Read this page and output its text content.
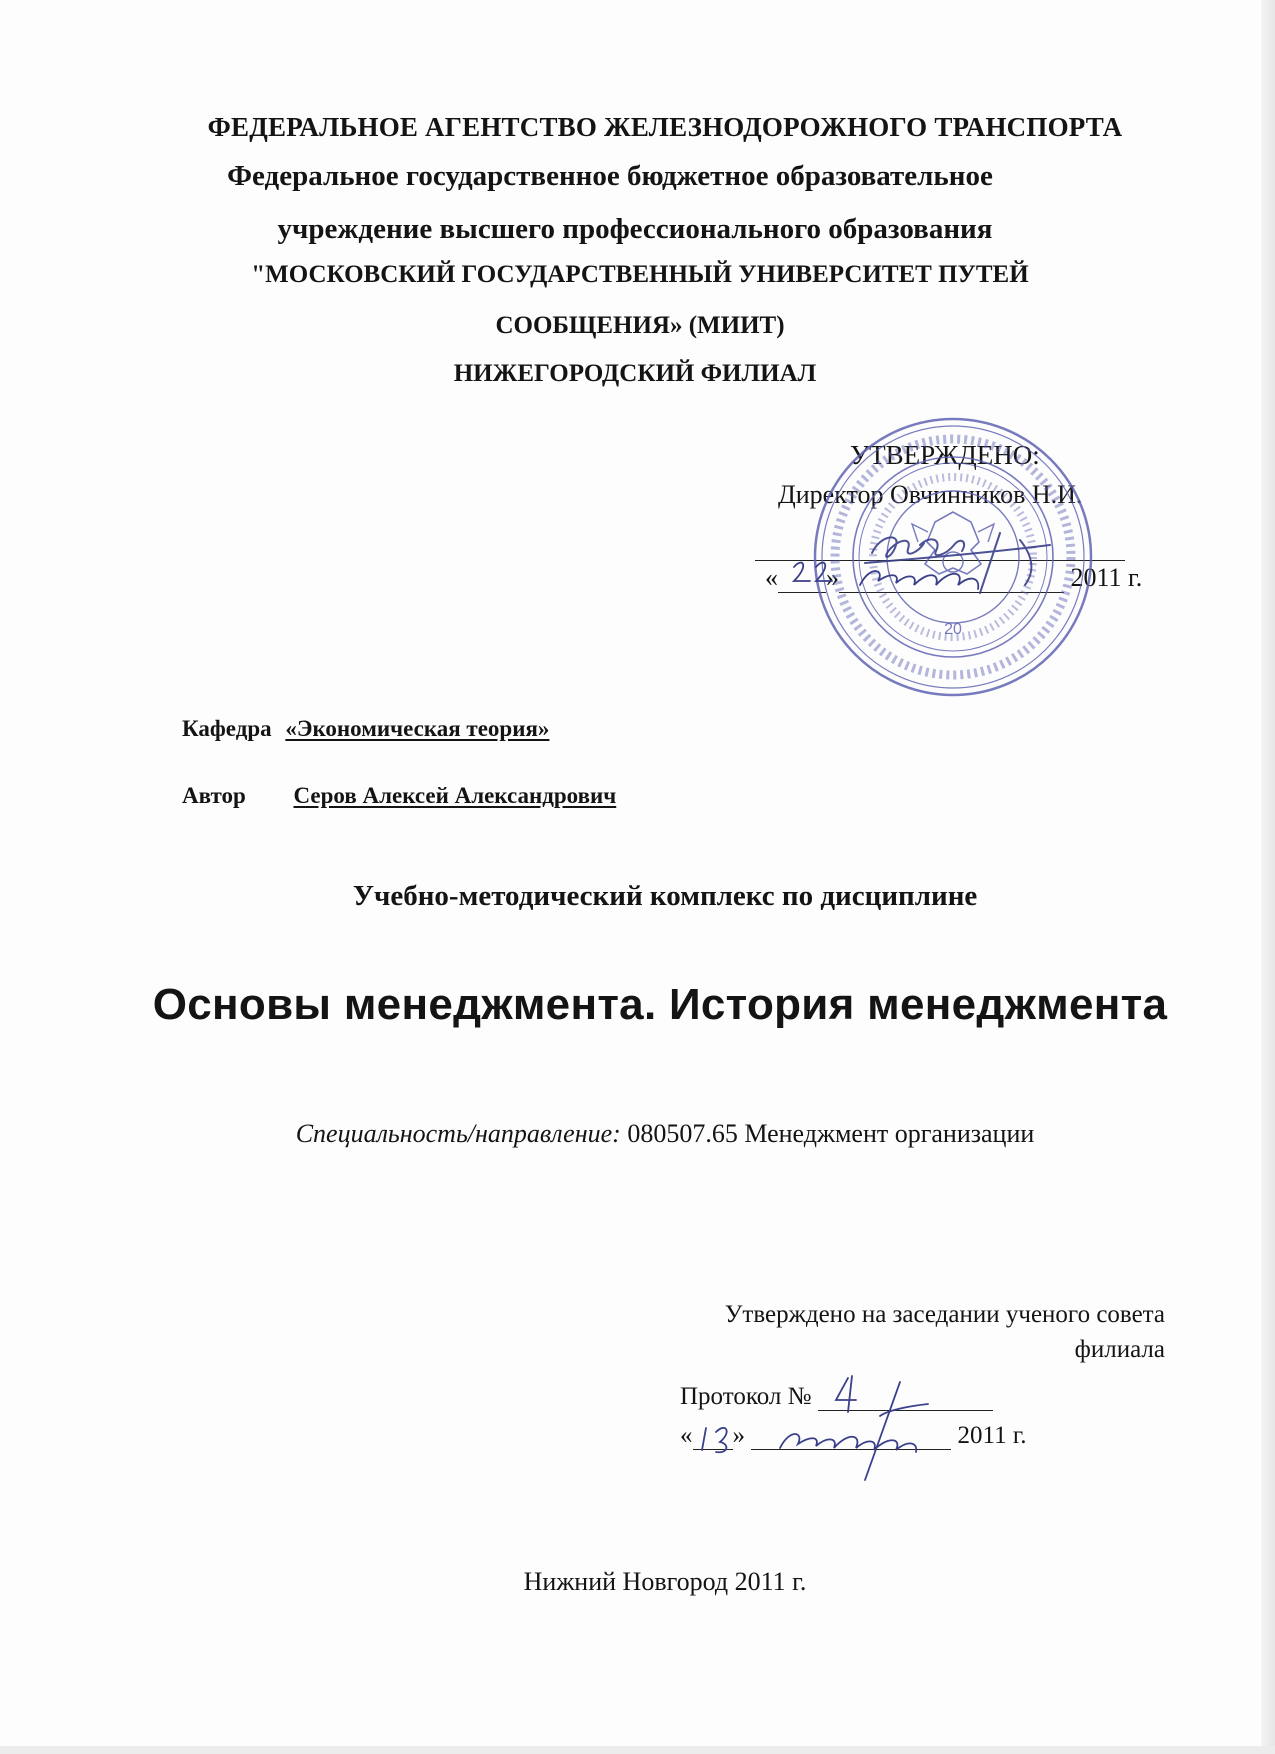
ФЕДЕРАЛЬНОЕ АГЕНТСТВО ЖЕЛЕЗНОДОРОЖНОГО ТРАНСПОРТА
Федеральное государственное бюджетное образовательное
учреждение высшего профессионального образования
"МОСКОВСКИЙ ГОСУДАРСТВЕННЫЙ УНИВЕРСИТЕТ ПУТЕЙ
СООБЩЕНИЯ» (МИИТ)
НИЖЕГОРОДСКИЙ ФИЛИАЛ
УТВЕРЖДЕНО:
Директор Овчинников Н.И.
« »	2011 г.
20
Кафедра «Экономическая теория»
Автор Серов Алексей Александрович
Учебно-методический комплекс по дисциплине
Основы менеджмента. История менеджмента
Специальность/направление: 080507.65 Менеджмент организации
Утверждено на заседании ученого совета
филиала
Протокол №
« »	2011 г.
Нижний Новгород 2011 г.
